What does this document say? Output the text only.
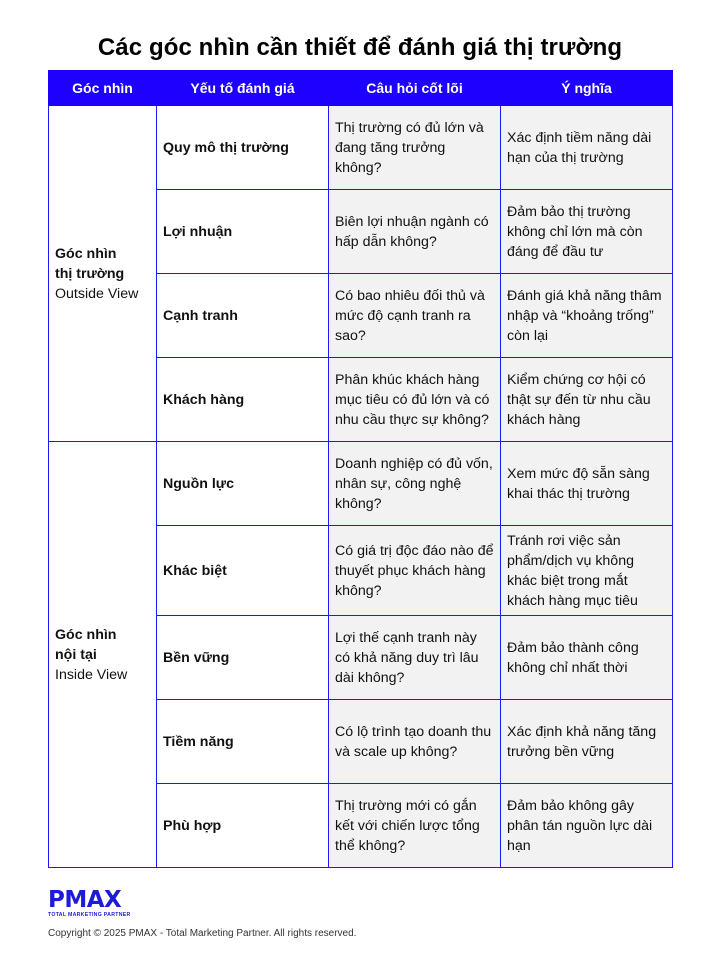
Các góc nhìn cần thiết để đánh giá thị trường
Góc nhìn	Yếu tố đánh giá	Câu hỏi cốt lõi	Ý nghĩa

Góc nhìn
thị trường
Outside View	Quy mô thị trường	Thị trường có đủ lớn và đang tăng trưởng không?	Xác định tiềm năng dài hạn của thị trường
	Lợi nhuận	Biên lợi nhuận ngành có hấp dẫn không?	Đảm bảo thị trường không chỉ lớn mà còn đáng để đầu tư
	Cạnh tranh	Có bao nhiêu đối thủ và mức độ cạnh tranh ra sao?	Đánh giá khả năng thâm nhập và “khoảng trống” còn lại
	Khách hàng	Phân khúc khách hàng mục tiêu có đủ lớn và có nhu cầu thực sự không?	Kiểm chứng cơ hội có thật sự đến từ nhu cầu khách hàng

Góc nhìn
nội tại
Inside View	Nguồn lực	Doanh nghiệp có đủ vốn, nhân sự, công nghệ không?	Xem mức độ sẵn sàng khai thác thị trường
	Khác biệt	Có giá trị độc đáo nào để thuyết phục khách hàng không?	Tránh rơi việc sản phẩm/dịch vụ không khác biệt trong mắt khách hàng mục tiêu
	Bền vững	Lợi thế cạnh tranh này có khả năng duy trì lâu dài không?	Đảm bảo thành công không chỉ nhất thời
	Tiềm năng	Có lộ trình tạo doanh thu và scale up không?	Xác định khả năng tăng trưởng bền vững
	Phù hợp	Thị trường mới có gắn kết với chiến lược tổng thể không?	Đảm bảo không gây phân tán nguồn lực dài hạn
PMAX
TOTAL MARKETING PARTNER
Copyright © 2025 PMAX - Total Marketing Partner. All rights reserved.
